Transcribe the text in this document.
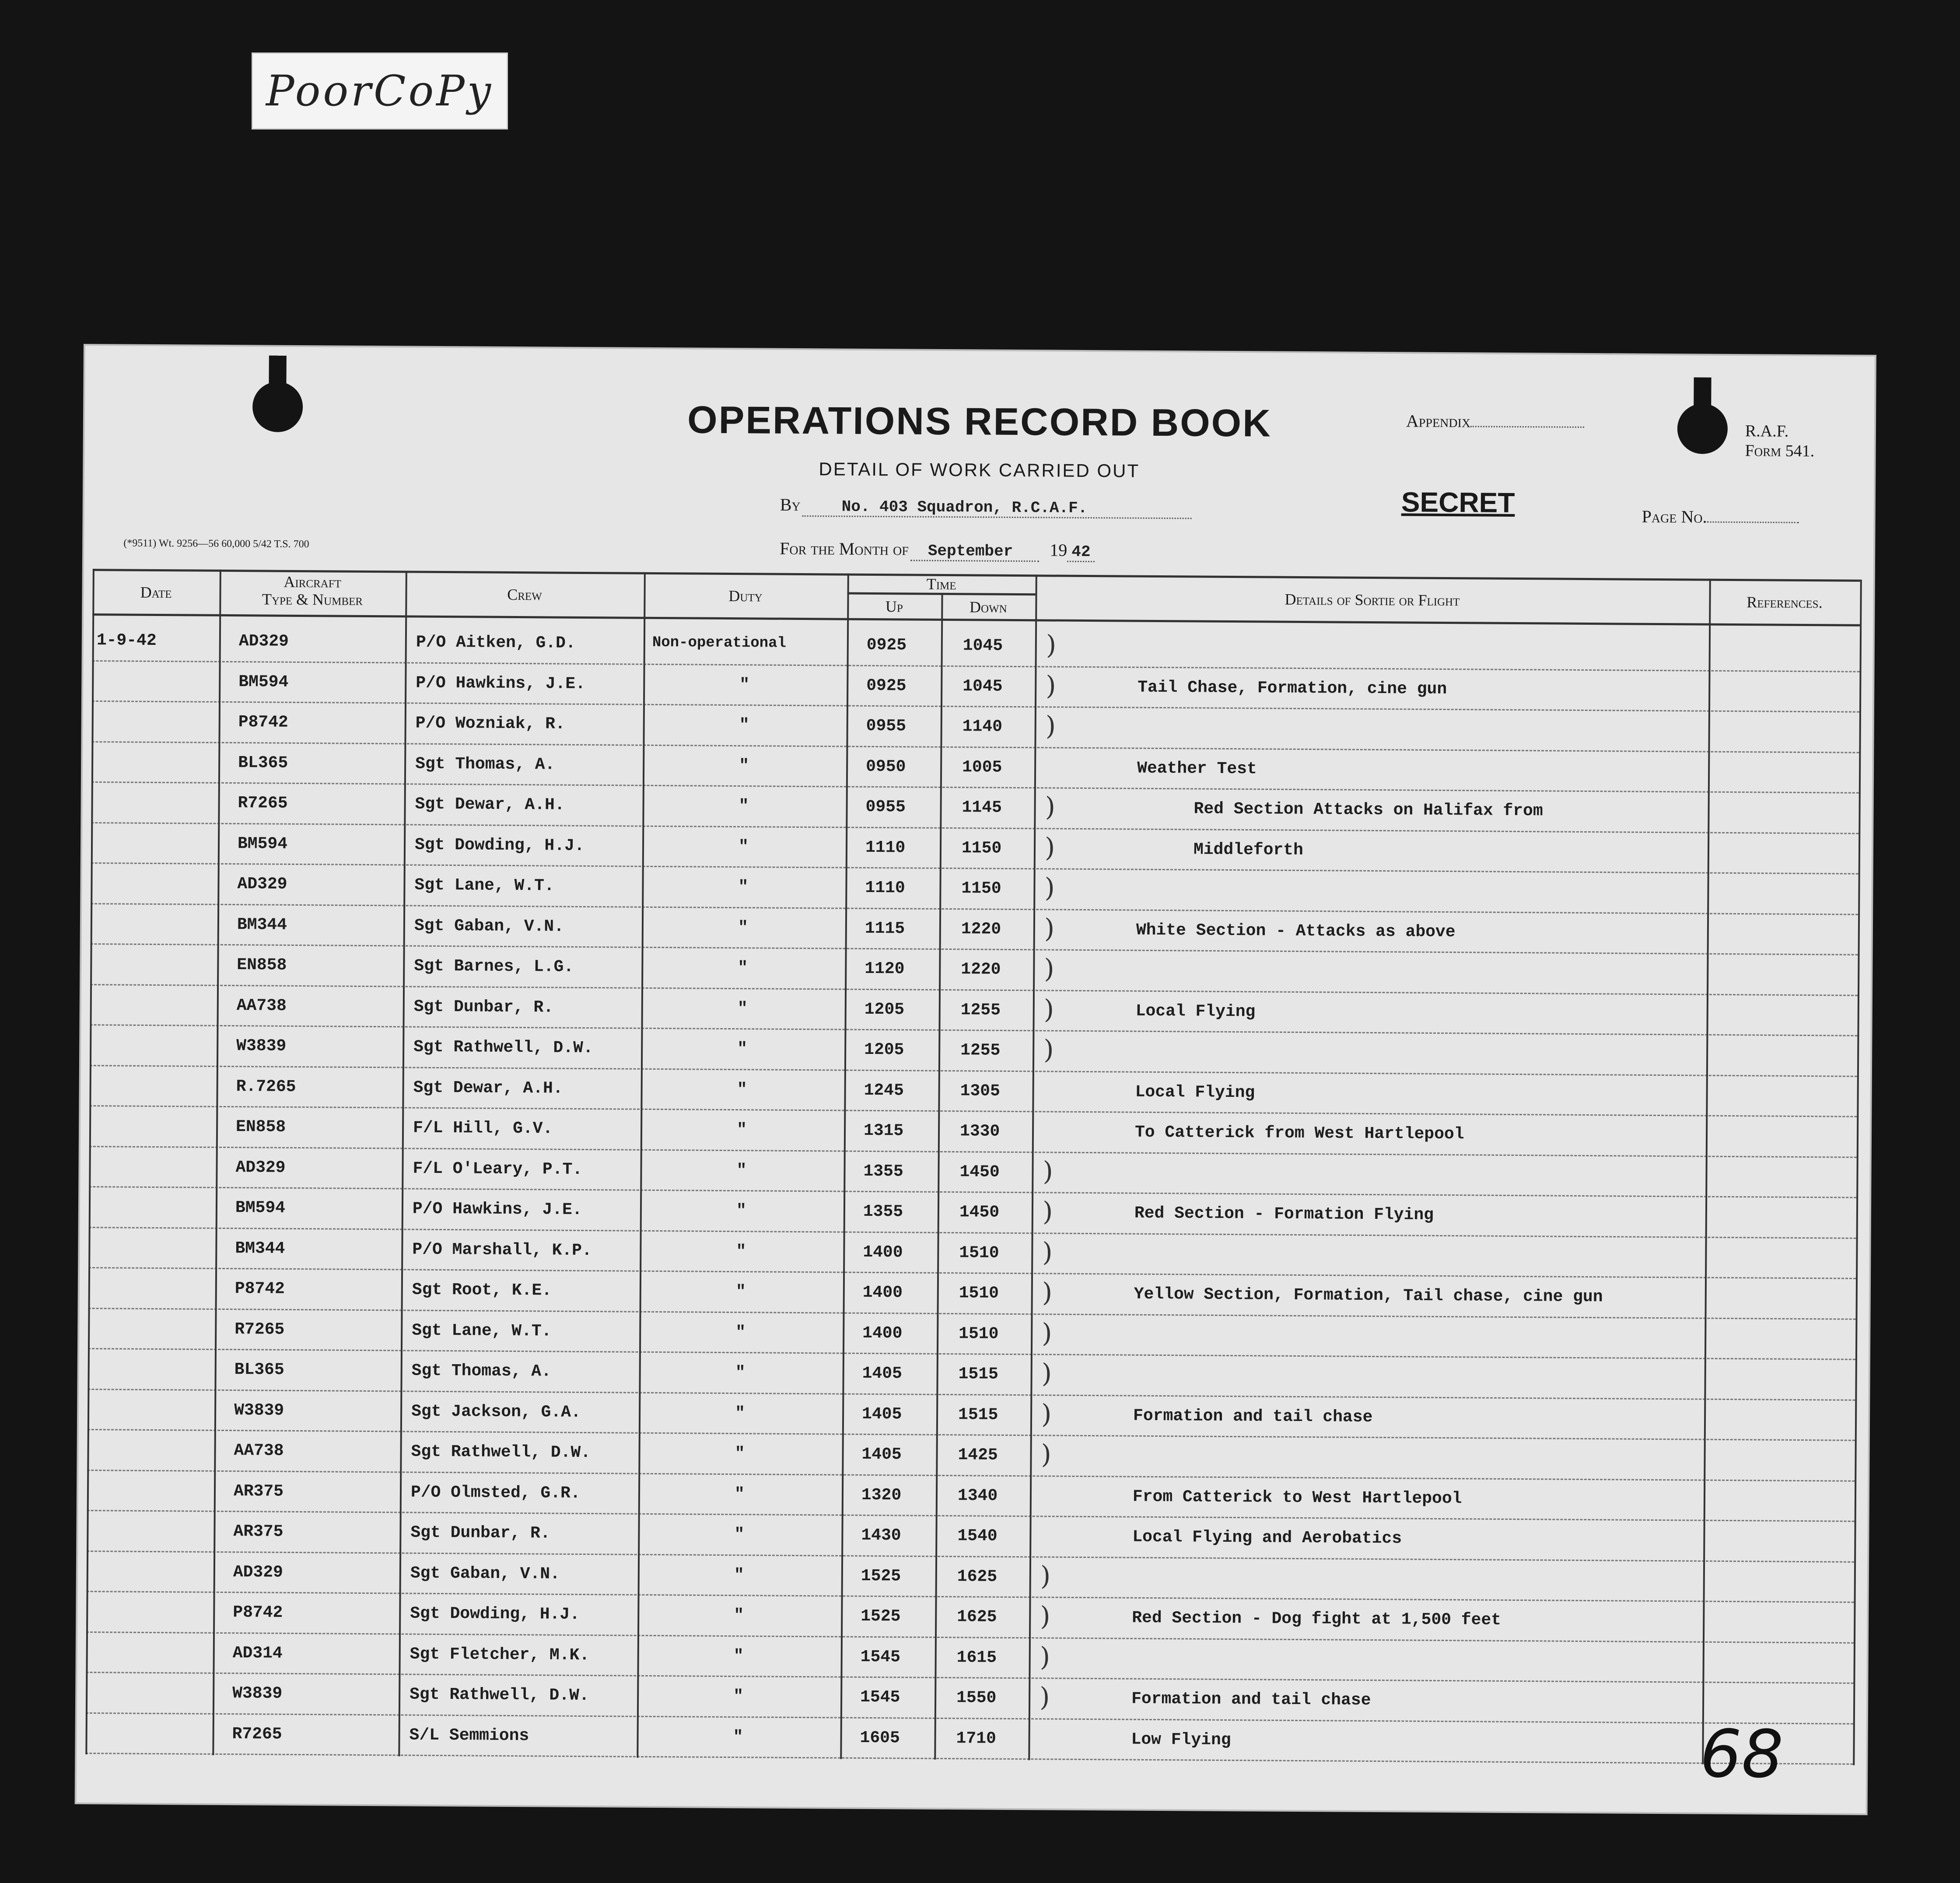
PoorCoPy
OPERATIONS RECORD BOOK
DETAIL OF WORK CARRIED OUT
Appendix
R.A.F.
Form 541.
By	No. 403 Squadron, R.C.A.F.	SECRET	Page No.
(*9511) Wt. 9256—56 60,000 5/42 T.S. 700	For the Month of September 19 42
Date
Aircraft
Type & Number	Crew	Duty
Time
Up	Down	Details of Sortie or Flight	References.
)
)
)
)
)
)
)
)
)
)
)
)
)
)
)
)
)
)
)
)
)
)
1-9-42	AD329	P/O Aitken, G.D.	Non-operational	0925	1045
BM594	P/O Hawkins, J.E.	"	0925	1045	Tail Chase, Formation, cine gun
P8742	P/O Wozniak, R.	"	0955	1140
BL365	Sgt Thomas, A.	"	0950	1005	Weather Test
R7265	Sgt Dewar, A.H.	"	0955	1145	Red Section Attacks on Halifax from
BM594	Sgt Dowding, H.J.	"	1110	1150	Middleforth
AD329	Sgt Lane, W.T.	"	1110	1150
BM344	Sgt Gaban, V.N.	"	1115	1220	White Section - Attacks as above
EN858	Sgt Barnes, L.G.	"	1120	1220
AA738	Sgt Dunbar, R.	"	1205	1255	Local Flying
W3839	Sgt Rathwell, D.W.	"	1205	1255
R.7265	Sgt Dewar, A.H.	"	1245	1305	Local Flying
EN858	F/L Hill, G.V.	"	1315	1330	To Catterick from West Hartlepool
AD329	F/L O'Leary, P.T.	"	1355	1450
BM594	P/O Hawkins, J.E.	"	1355	1450	Red Section - Formation Flying
BM344	P/O Marshall, K.P.	"	1400	1510
P8742	Sgt Root, K.E.	"	1400	1510	Yellow Section, Formation, Tail chase, cine gun
R7265	Sgt Lane, W.T.	"	1400	1510
BL365	Sgt Thomas, A.	"	1405	1515
W3839	Sgt Jackson, G.A.	"	1405	1515	Formation and tail chase
AA738	Sgt Rathwell, D.W.	"	1405	1425
AR375	P/O Olmsted, G.R.	"	1320	1340	From Catterick to West Hartlepool
AR375	Sgt Dunbar, R.	"	1430	1540	Local Flying and Aerobatics
AD329	Sgt Gaban, V.N.	"	1525	1625
P8742	Sgt Dowding, H.J.	"	1525	1625	Red Section - Dog fight at 1,500 feet
AD314	Sgt Fletcher, M.K.	"	1545	1615
W3839	Sgt Rathwell, D.W.	"	1545	1550	Formation and tail chase
R7265	S/L Semmions	"	1605	1710	Low Flying	68
